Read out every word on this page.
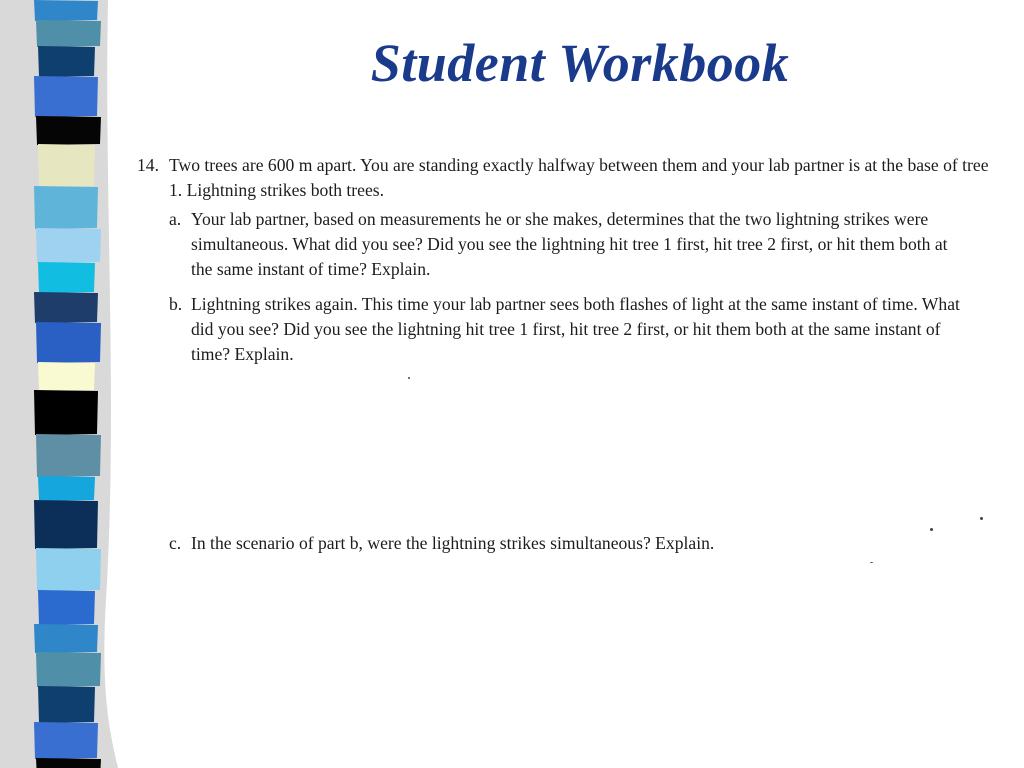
Student Workbook
14. Two trees are 600 m apart. You are standing exactly halfway between them and your lab partner is at the base of tree 1. Lightning strikes both trees.
a. Your lab partner, based on measurements he or she makes, determines that the two lightning strikes were simultaneous. What did you see? Did you see the lightning hit tree 1 first, hit tree 2 first, or hit them both at the same instant of time? Explain.
b. Lightning strikes again. This time your lab partner sees both flashes of light at the same instant of time. What did you see? Did you see the lightning hit tree 1 first, hit tree 2 first, or hit them both at the same instant of time? Explain.
c. In the scenario of part b, were the lightning strikes simultaneous? Explain.
